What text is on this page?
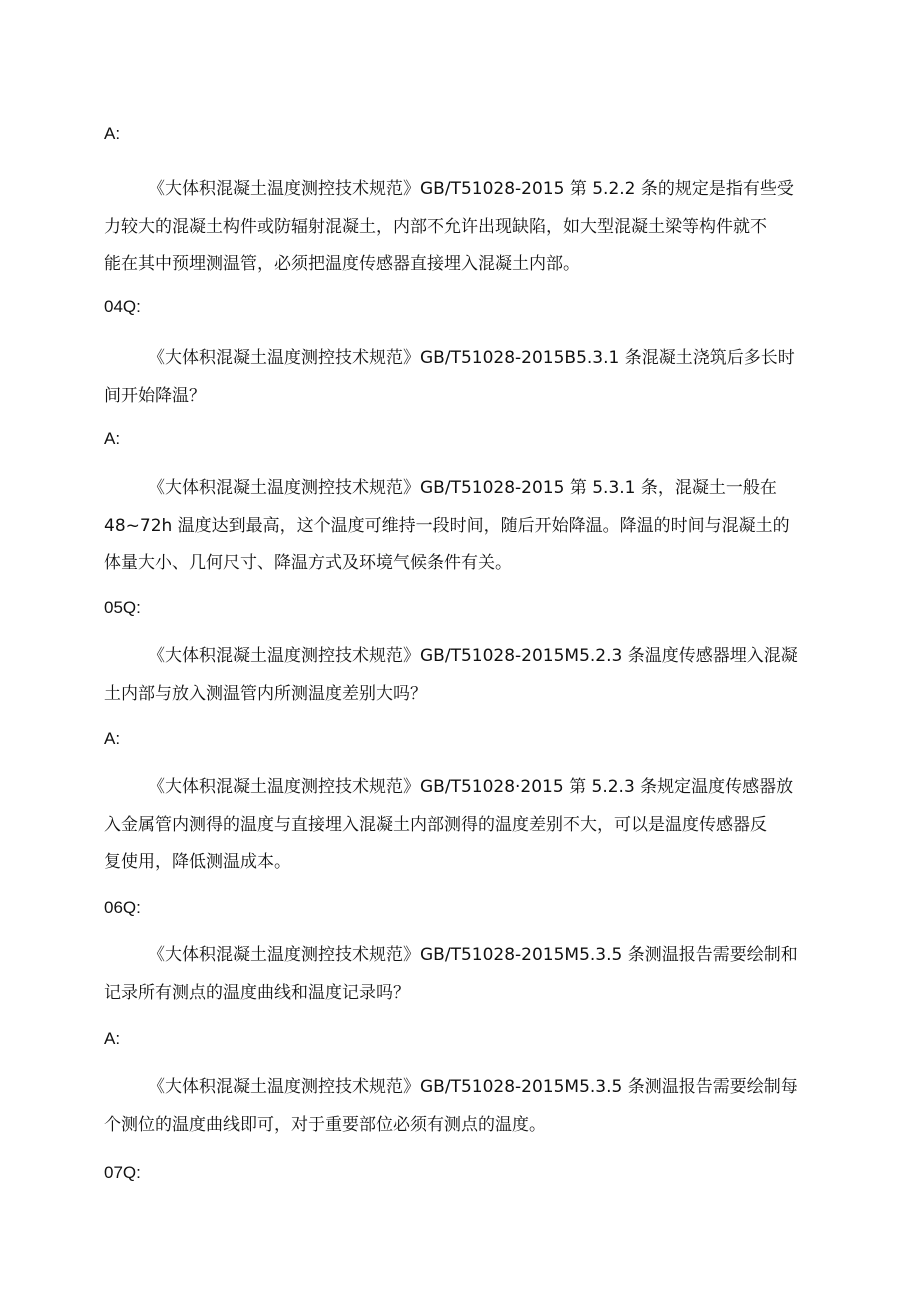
A:
《大体积混凝土温度测控技术规范》GB/T51028-2015 第 5.2.2 条的规定是指有些受
力较大的混凝土构件或防辐射混凝土，内部不允许出现缺陷，如大型混凝土梁等构件就不
能在其中预埋测温管，必须把温度传感器直接埋入混凝土内部。
04Q:
《大体积混凝土温度测控技术规范》GB/T51028-2015B5.3.1 条混凝土浇筑后多长时
间开始降温？
A:
《大体积混凝土温度测控技术规范》GB/T51028-2015 第 5.3.1 条，混凝土一般在
48~72h 温度达到最高，这个温度可维持一段时间，随后开始降温。降温的时间与混凝土的
体量大小、几何尺寸、降温方式及环境气候条件有关。
05Q:
《大体积混凝土温度测控技术规范》GB/T51028-2015M5.2.3 条温度传感器埋入混凝
土内部与放入测温管内所测温度差别大吗？
A:
《大体积混凝土温度测控技术规范》GB/T51028·2015 第 5.2.3 条规定温度传感器放
入金属管内测得的温度与直接埋入混凝土内部测得的温度差别不大，可以是温度传感器反
复使用，降低测温成本。
06Q:
《大体积混凝土温度测控技术规范》GB/T51028-2015M5.3.5 条测温报告需要绘制和
记录所有测点的温度曲线和温度记录吗？
A:
《大体积混凝土温度测控技术规范》GB/T51028-2015M5.3.5 条测温报告需要绘制每
个测位的温度曲线即可，对于重要部位必须有测点的温度。
07Q:
